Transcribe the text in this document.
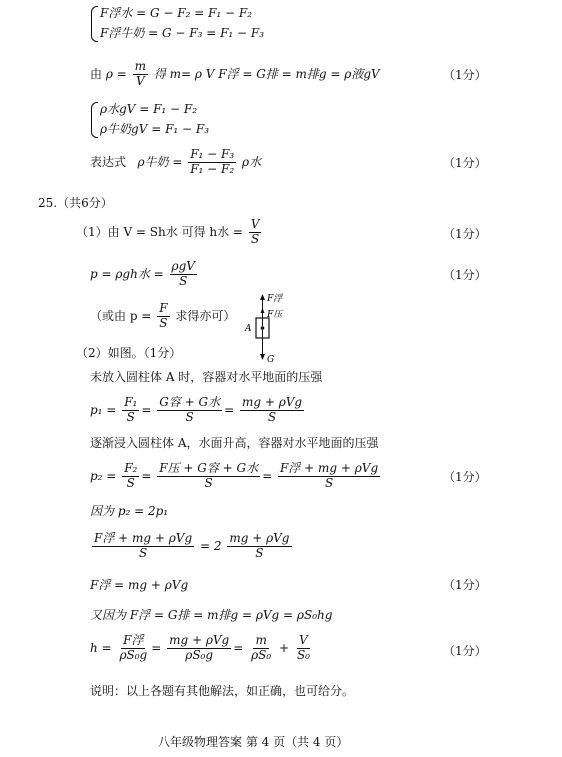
F浮水 = G − F₂ = F₁ − F₂
F浮牛奶 = G − F₃ = F₁ − F₃
由 $\rho = \frac{m}{V}$ 得 m= ρ V F浮 = G排 = m排g = ρ液gV	（1分）
ρ水gV = F₁ − F₂
ρ牛奶gV = F₁ − F₃
表达式 ρ牛奶 = $\frac{\text{F₁ − F₃}}{\text{F₁ − F₂}}$ ρ水	（1分）
25.（共6分）
（1）由 V = Sh水 可得 h水 = $\frac{V}{S}$	（1分）
p = ρgh水 = $\frac{\text{ρgV}}{S}$	（1分）
（或由 $p = \frac{F}{S}$ 求得亦可）
F浮
F压
A
G
（2）如图。（1分）
未放入圆柱体 A 时，容器对水平地面的压强
$p_1 = \frac{\text{F₁}}{S} = \frac{\text{G容 + G水}}{S} = \frac{\text{mg + ρVg}}{S}$
逐渐浸入圆柱体 A，水面升高，容器对水平地面的压强
$p_2 = \frac{\text{F₂}}{S} = \frac{\text{F压 + G容 + G水}}{S} = \frac{\text{F浮 + mg + ρVg}}{S}$	（1分）
因为 p₂ = 2p₁
$\frac{\text{F浮 + mg + ρVg}}{S} = 2 \frac{\text{mg + ρVg}}{S}$
F浮 = mg + ρVg	（1分）
又因为 F浮 = G排 = m排g = ρVg = ρS₀hg
$h = \frac{\text{F浮}}{\text{ρS₀g}} = \frac{\text{mg + ρVg}}{\text{ρS₀g}} = \frac{m}{\text{ρS₀}} + \frac{V}{\text{S₀}}$	（1分）
说明：以上各题有其他解法，如正确，也可给分。
八年级物理答案 第 4 页（共 4 页）
